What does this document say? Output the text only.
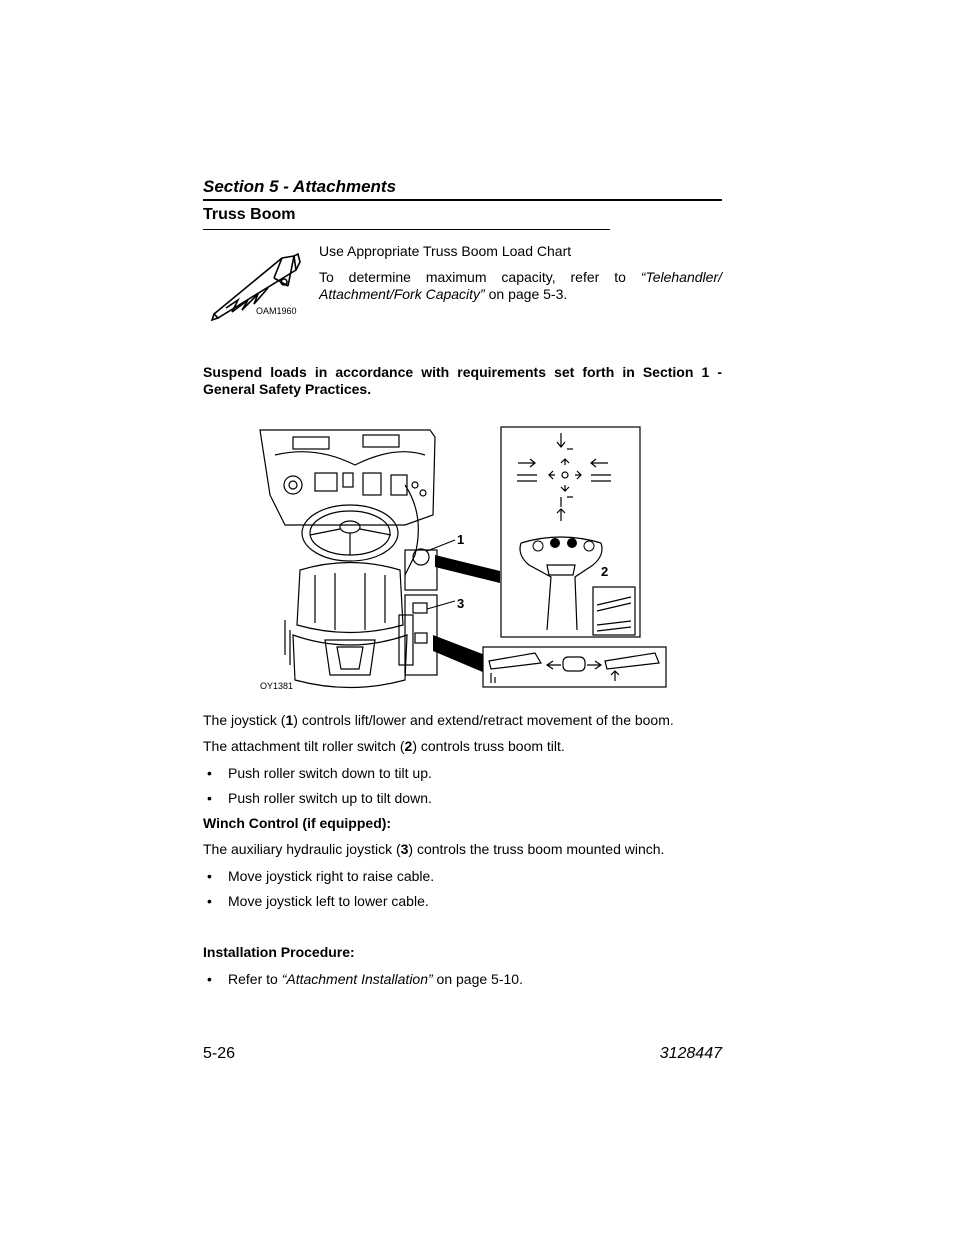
Section 5 - Attachments
Truss Boom
OAM1960
Use Appropriate Truss Boom Load Chart
To determine maximum capacity, refer to “Telehandler/ Attachment/Fork Capacity” on page 5-3.
Suspend loads in accordance with requirements set forth in Section 1 - General Safety Practices.
1
2
3
OY1381
The joystick (1) controls lift/lower and extend/retract movement of the boom.
The attachment tilt roller switch (2) controls truss boom tilt.
• Push roller switch down to tilt up.
• Push roller switch up to tilt down.
Winch Control (if equipped):
The auxiliary hydraulic joystick (3) controls the truss boom mounted winch.
• Move joystick right to raise cable.
• Move joystick left to lower cable.
Installation Procedure:
• Refer to “Attachment Installation” on page 5-10.
5-26	3128447
